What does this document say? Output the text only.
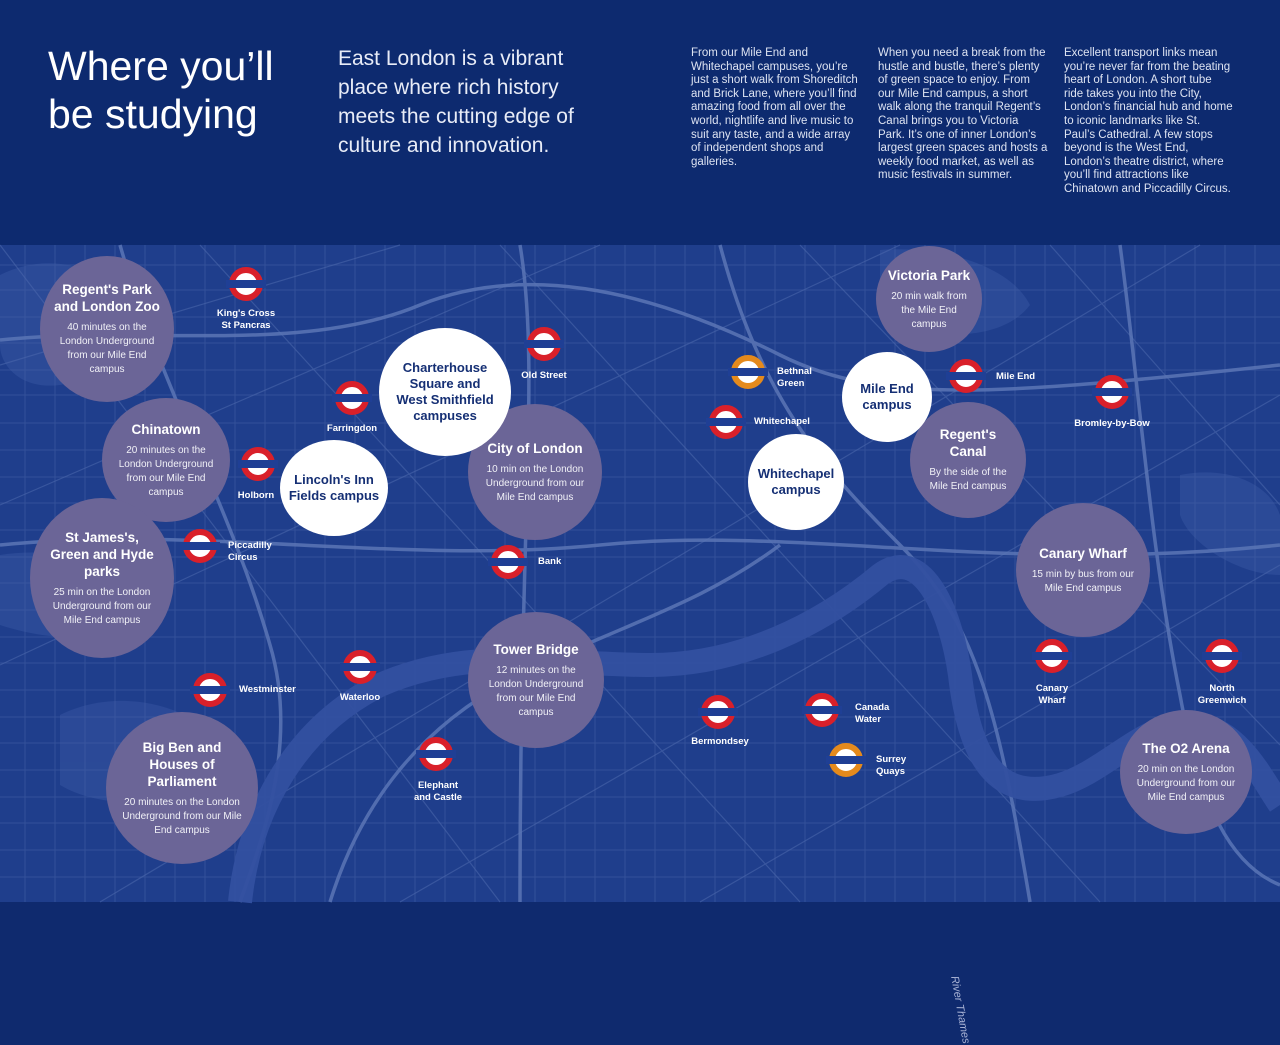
Where you’ll be studying
East London is a vibrant place where rich history meets the cutting edge of culture and innovation.

From our Mile End and Whitechapel campuses, you’re just a short walk from Shoreditch and Brick Lane, where you’ll find amazing food from all over the world, nightlife and live music to suit any taste, and a wide array of independent shops and galleries.

When you need a break from the hustle and bustle, there’s plenty of green space to enjoy. From our Mile End campus, a short walk along the tranquil Regent’s Canal brings you to Victoria Park. It’s one of inner London’s largest green spaces and hosts a weekly food market, as well as music festivals in summer.

Excellent transport links mean you’re never far from the beating heart of London. A short tube ride takes you into the City, London’s financial hub and home to iconic landmarks like St. Paul’s Cathedral. A few stops beyond is the West End, London’s theatre district, where you’ll find attractions like Chinatown and Piccadilly Circus.

River Thames
Regent's Park and London Zoo
40 minutes on the London Underground from our Mile End campus
Chinatown
20 minutes on the London Underground from our Mile End campus
St James's, Green and Hyde parks
25 min on the London Underground from our Mile End campus
City of London
10 min on the London Underground from our Mile End campus
Tower Bridge
12 minutes on the London Underground from our Mile End campus
Big Ben and Houses of Parliament
20 minutes on the London Underground from our Mile End campus
Victoria Park
20 min walk from the Mile End campus
Regent's Canal
By the side of the Mile End campus
Canary Wharf
15 min by bus from our Mile End campus
The O2 Arena
20 min on the London Underground from our Mile End campus
Charterhouse Square and West Smithfield campuses
Lincoln's Inn Fields campus
Mile End campus
Whitechapel campus
King's Cross St Pancras
Farringdon
Old Street
Holborn
Piccadilly Circus	Bank
Bethnal Green
Whitechapel
Mile End
Bromley-by-Bow
Westminster
Waterloo
Elephant and Castle
Bermondsey
Canada Water
Surrey Quays
Canary Wharf
North Greenwich
